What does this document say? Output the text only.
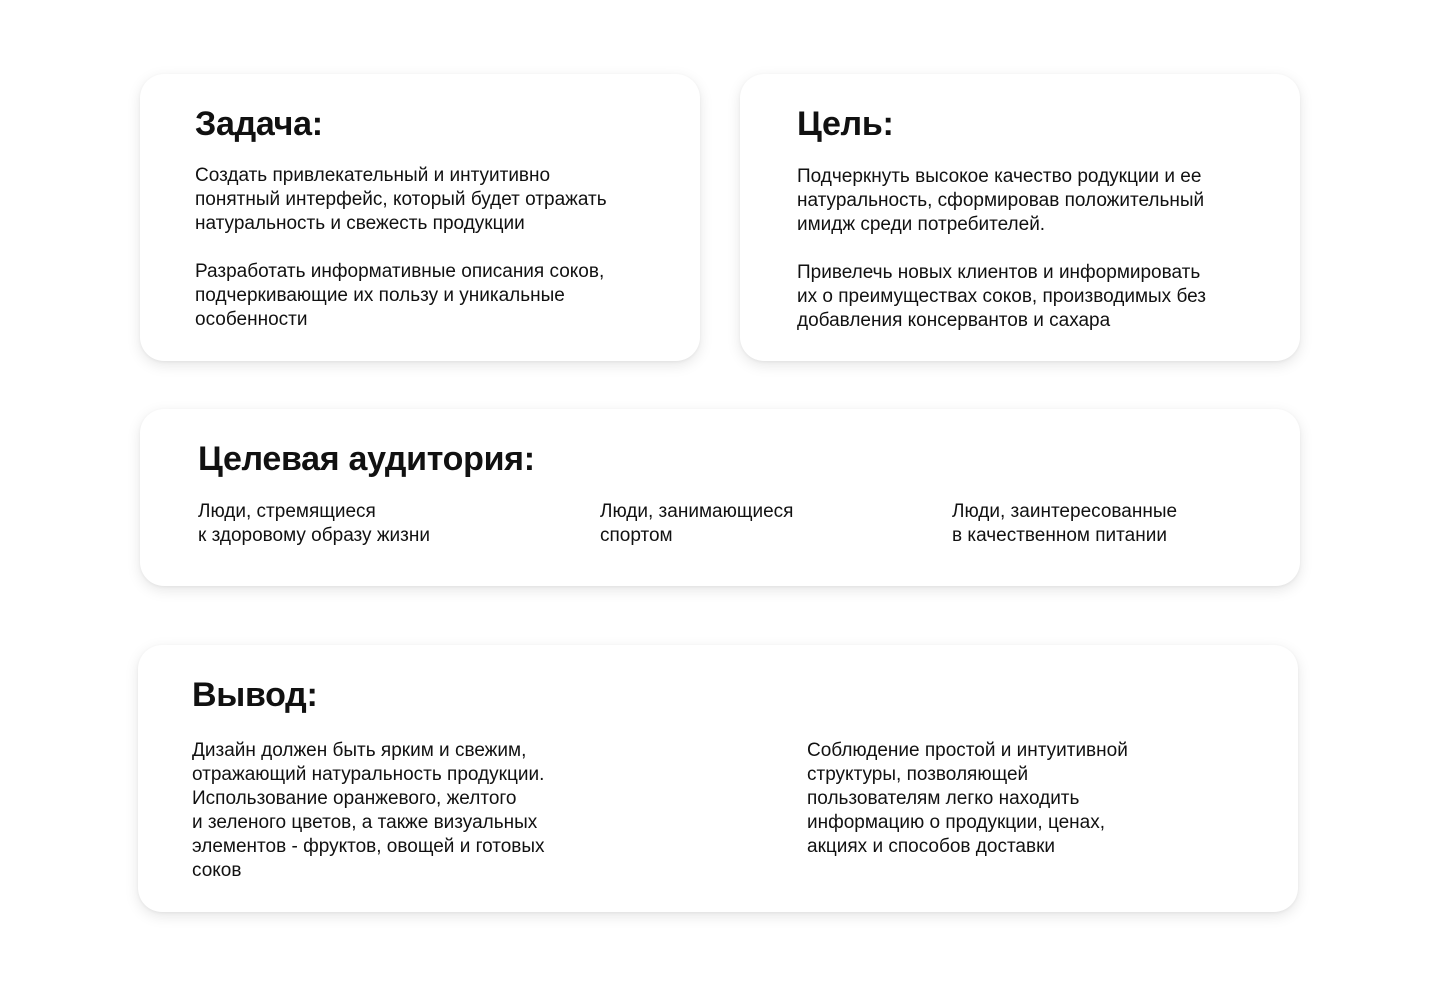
Задача:

Создать привлекательный и интуитивно
понятный интерфейс, который будет отражать
натуральность и свежесть продукции

Разработать информативные описания соков,
подчеркивающие их пользу и уникальные
особенности

Цель:

Подчеркнуть высокое качество родукции и ее
натуральность, сформировав положительный
имидж среди потребителей.

Привелечь новых клиентов и информировать
их о преимуществах соков, производимых без
добавления консервантов и сахара

Целевая аудитория:

Люди, стремящиеся
к здоровому образу жизни

Люди, занимающиеся
спортом

Люди, заинтересованные
в качественном питании

Вывод:

Дизайн должен быть ярким и свежим,
отражающий натуральность продукции.
Использование оранжевого, желтого
и зеленого цветов, а также визуальных
элементов - фруктов, овощей и готовых
соков

Соблюдение простой и интуитивной
структуры, позволяющей
пользователям легко находить
информацию о продукции, ценах,
акциях и способов доставки
